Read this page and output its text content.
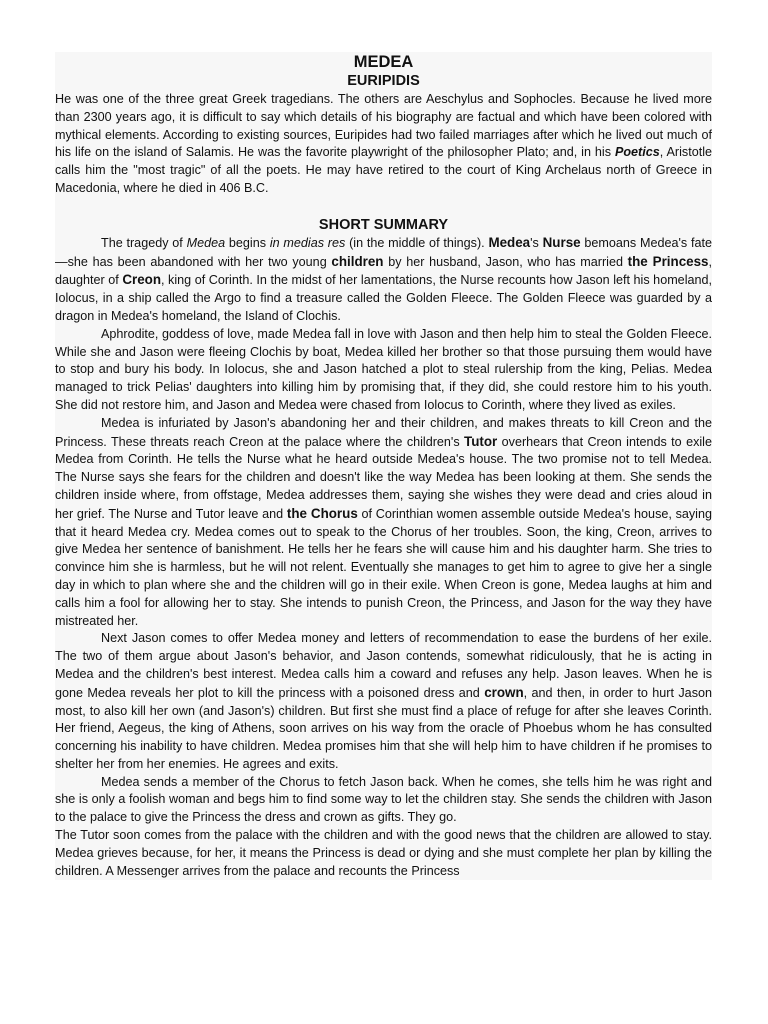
MEDEA
EURIPIDIS

He was one of the three great Greek tragedians. The others are Aeschylus and Sophocles. Because he lived more than 2300 years ago, it is difficult to say which details of his biography are factual and which have been colored with mythical elements. According to existing sources, Euripides had two failed marriages after which he lived out much of his life on the island of Salamis. He was the favorite playwright of the philosopher Plato; and, in his Poetics, Aristotle calls him the "most tragic" of all the poets. He may have retired to the court of King Archelaus north of Greece in Macedonia, where he died in 406 B.C.

SHORT SUMMARY

The tragedy of Medea begins in medias res (in the middle of things). Medea's Nurse bemoans Medea's fate—she has been abandoned with her two young children by her husband, Jason, who has married the Princess, daughter of Creon, king of Corinth. In the midst of her lamentations, the Nurse recounts how Jason left his homeland, Iolocus, in a ship called the Argo to find a treasure called the Golden Fleece. The Golden Fleece was guarded by a dragon in Medea's homeland, the Island of Clochis.

Aphrodite, goddess of love, made Medea fall in love with Jason and then help him to steal the Golden Fleece. While she and Jason were fleeing Clochis by boat, Medea killed her brother so that those pursuing them would have to stop and bury his body. In Iolocus, she and Jason hatched a plot to steal rulership from the king, Pelias. Medea managed to trick Pelias' daughters into killing him by promising that, if they did, she could restore him to his youth. She did not restore him, and Jason and Medea were chased from Iolocus to Corinth, where they lived as exiles.

Medea is infuriated by Jason's abandoning her and their children, and makes threats to kill Creon and the Princess. These threats reach Creon at the palace where the children's Tutor overhears that Creon intends to exile Medea from Corinth. He tells the Nurse what he heard outside Medea's house. The two promise not to tell Medea. The Nurse says she fears for the children and doesn't like the way Medea has been looking at them. She sends the children inside where, from offstage, Medea addresses them, saying she wishes they were dead and cries aloud in her grief. The Nurse and Tutor leave and the Chorus of Corinthian women assemble outside Medea's house, saying that it heard Medea cry. Medea comes out to speak to the Chorus of her troubles. Soon, the king, Creon, arrives to give Medea her sentence of banishment. He tells her he fears she will cause him and his daughter harm. She tries to convince him she is harmless, but he will not relent. Eventually she manages to get him to agree to give her a single day in which to plan where she and the children will go in their exile. When Creon is gone, Medea laughs at him and calls him a fool for allowing her to stay. She intends to punish Creon, the Princess, and Jason for the way they have mistreated her.

Next Jason comes to offer Medea money and letters of recommendation to ease the burdens of her exile. The two of them argue about Jason's behavior, and Jason contends, somewhat ridiculously, that he is acting in Medea and the children's best interest. Medea calls him a coward and refuses any help. Jason leaves. When he is gone Medea reveals her plot to kill the princess with a poisoned dress and crown, and then, in order to hurt Jason most, to also kill her own (and Jason's) children. But first she must find a place of refuge for after she leaves Corinth. Her friend, Aegeus, the king of Athens, soon arrives on his way from the oracle of Phoebus whom he has consulted concerning his inability to have children. Medea promises him that she will help him to have children if he promises to shelter her from her enemies. He agrees and exits.

Medea sends a member of the Chorus to fetch Jason back. When he comes, she tells him he was right and she is only a foolish woman and begs him to find some way to let the children stay. She sends the children with Jason to the palace to give the Princess the dress and crown as gifts. They go.

The Tutor soon comes from the palace with the children and with the good news that the children are allowed to stay. Medea grieves because, for her, it means the Princess is dead or dying and she must complete her plan by killing the children. A Messenger arrives from the palace and recounts the Princess
